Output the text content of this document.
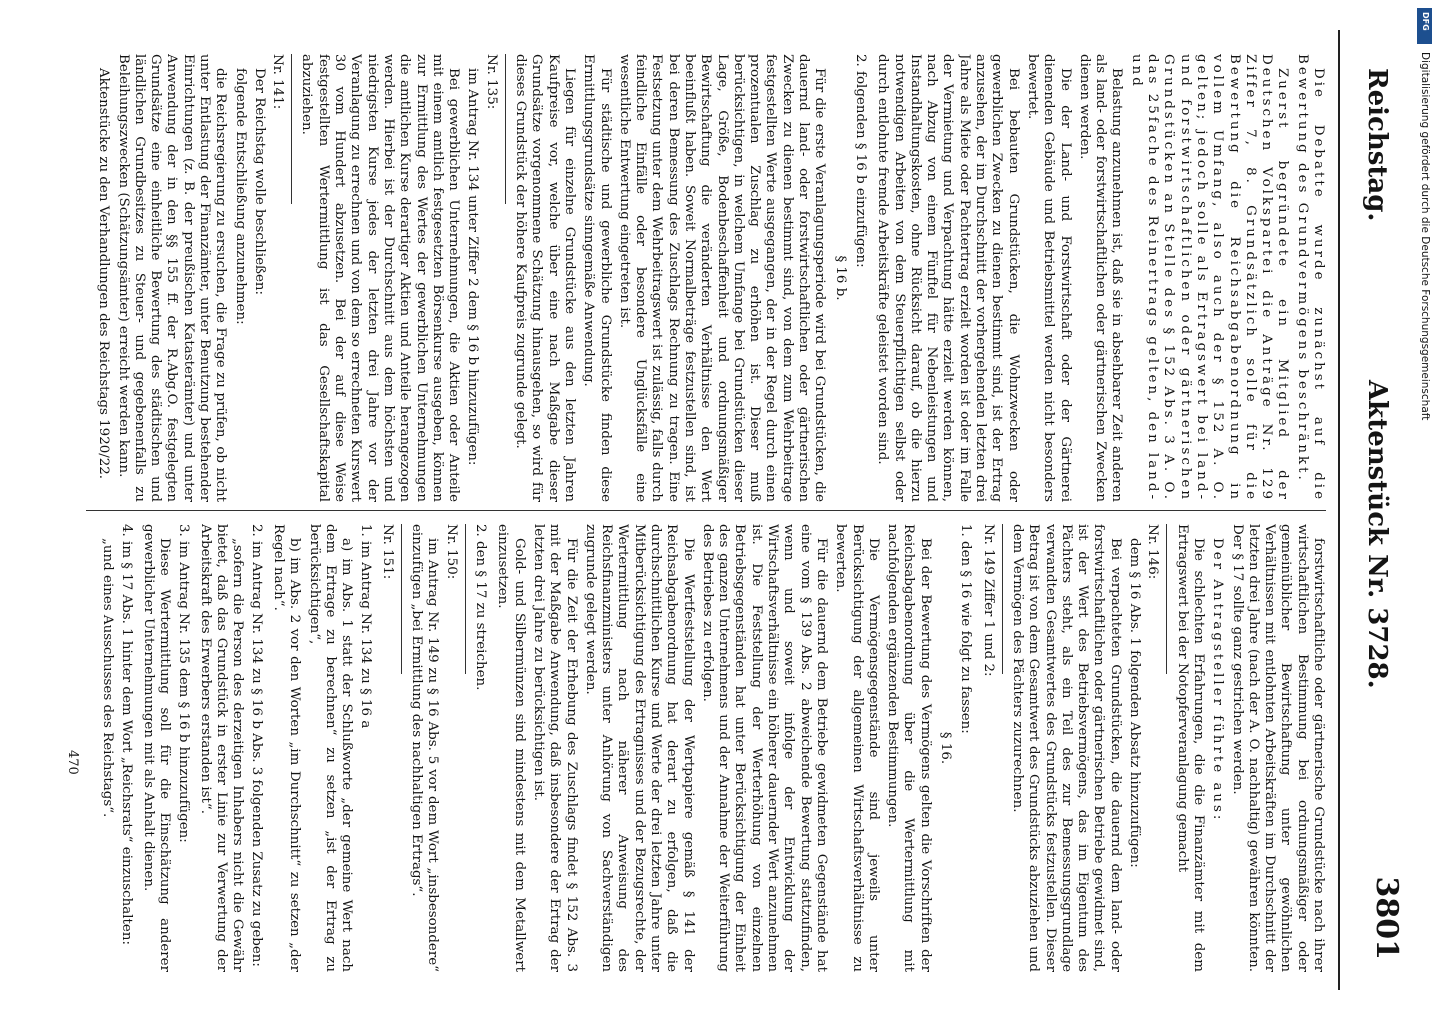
Reichstag.
Aktenstück Nr. 3728.
3801

Die Debatte wurde zunächst auf die Bewertung des Grundvermögens beschränkt.

Zuerst begründete ein Mitglied der Deutschen Volkspartei die Anträge Nr. 129 Ziffer 7, 8. Grundsätzlich solle für die Bewertung die Reichsabgabenordnung in vollem Umfang, also auch der § 152 A. O. gelten; jedoch solle als Ertragswert bei land- und forstwirtschaftlichen oder gärtnerischen Grundstücken an Stelle des § 152 Abs. 3 A. O. das 25fache des Reinertrags gelten, den land- und

Belastung anzunehmen ist, daß sie in absehbarer Zeit anderen als land- oder forstwirtschaftlichen oder gärtnerischen Zwecken dienen werden.

Die der Land- und Forstwirtschaft oder der Gärtnerei dienenden Gebäude und Betriebsmittel werden nicht besonders bewertet.

Bei bebauten Grundstücken, die Wohnzwecken oder gewerblichen Zwecken zu dienen bestimmt sind, ist der Ertrag anzusehen, der im Durchschnitt der vorhergehenden letzten drei Jahre als Miete oder Pachtertrag erzielt worden ist oder im Falle der Vermietung und Verpachtung hätte erzielt werden können, nach Abzug von einem Fünftel für Nebenleistungen und Instandhaltungskosten, ohne Rücksicht darauf, ob die hierzu notwendigen Arbeiten von dem Steuerpflichtigen selbst oder durch entlohnte fremde Arbeitskräfte geleistet worden sind.

2. folgenden § 16 b einzufügen:

§ 16 b.

Für die erste Veranlagungsperiode wird bei Grundstücken, die dauernd land- oder forstwirtschaftlichen oder gärtnerischen Zwecken zu dienen bestimmt sind, von dem zum Wehrbeitrage festgestellten Werte ausgegangen, der in der Regel durch einen prozentualen Zuschlag zu erhöhen ist. Dieser muß berücksichtigen, in welchem Umfange bei Grundstücken dieser Lage, Größe, Bodenbeschaffenheit und ordnungsmäßiger Bewirtschaftung die veränderten Verhältnisse den Wert beeinflußt haben. Soweit Normalbeträge festzustellen sind, ist bei deren Bemessung des Zuschlags Rechnung zu tragen. Eine Festsetzung unter dem Wehrbeitragswert ist zulässig, falls durch feindliche Einfälle oder besondere Unglücksfälle eine wesentliche Entwertung eingetreten ist.

Für städtische und gewerbliche Grundstücke finden diese Ermittlungsgrundsätze sinngemäße Anwendung.

Liegen für einzelne Grundstücke aus den letzten Jahren Kaufpreise vor, welche über eine nach Maßgabe dieser Grundsätze vorgenommene Schätzung hinausgehen, so wird für dieses Grundstück der höhere Kaufpreis zugrunde gelegt.

Nr. 135:

im Antrag Nr. 134 unter Ziffer 2 dem § 16 b hinzuzufügen:

Bei gewerblichen Unternehmungen, die Aktien oder Anteile mit einem amtlich festgesetzten Börsenkurse ausgeben, können zur Ermittlung des Wertes der gewerblichen Unternehmungen die amtlichen Kurse derartiger Aktien und Anteile herangezogen werden. Hierbei ist der Durchschnitt aus dem höchsten und niedrigsten Kurse jedes der letzten drei Jahre vor der Veranlagung zu errechnen und von dem so errechneten Kurswert 30 vom Hundert abzusetzen. Bei der auf diese Weise festgestellten Wertermittlung ist das Gesellschaftskapital abzuziehen.

Nr. 141:

Der Reichstag wolle beschließen:

folgende Entschließung anzunehmen:

die Reichsregierung zu ersuchen, die Frage zu prüfen, ob nicht unter Entlastung der Finanzämter, unter Benutzung bestehender Einrichtungen (z. B. der preußischen Katasterämter) und unter Anwendung der in den §§ 155 ff. der R.Abg.O. festgelegten Grundsätze eine einheitliche Bewertung des städtischen und ländlichen Grundbesitzes zu Steuer- und gegebenenfalls zu Beleihungszwecken (Schätzungsämter) erreicht werden kann.

Aktenstücke zu den Verhandlungen des Reichstags 1920/22.

forstwirtschaftliche oder gärtnerische Grundstücke nach ihrer wirtschaftlichen Bestimmung bei ordnungsmäßiger oder gemeinüblicher Bewirtschaftung unter gewöhnlichen Verhältnissen mit entlohnten Arbeitskräften im Durchschnitt der letzten drei Jahre (nach der A. O. nachhaltig) gewähren könnten. Der § 17 sollte ganz gestrichen werden.

Der Antragsteller führte aus:

Die schlechten Erfahrungen, die die Finanzämter mit dem Ertragswert bei der Notopferveranlagung gemacht

Nr. 146:

dem § 16 Abs. 1 folgenden Absatz hinzuzufügen:

Bei verpachteten Grundstücken, die dauernd dem land- oder forstwirtschaftlichen oder gärtnerischen Betriebe gewidmet sind, ist der Wert des Betriebsvermögens, das im Eigentum des Pächters steht, als ein Teil des zur Bemessungsgrundlage verwandten Gesamtwertes des Grundstücks festzustellen. Dieser Betrag ist von dem Gesamtwert des Grundstücks abzuziehen und dem Vermögen des Pächters zuzurechnen.

Nr. 149 Ziffer 1 und 2:

1. den § 16 wie folgt zu fassen:

§ 16.

Bei der Bewertung des Vermögens gelten die Vorschriften der Reichsabgabenordnung über die Wertermittlung mit nachfolgenden ergänzenden Bestimmungen.

Die Vermögensgegenstände sind jeweils unter Berücksichtigung der allgemeinen Wirtschaftsverhältnisse zu bewerten.

Für die dauernd dem Betriebe gewidmeten Gegenstände hat eine vom § 139 Abs. 2 abweichende Bewertung stattzufinden, wenn und soweit infolge der Entwicklung der Wirtschaftsverhältnisse ein höherer dauernder Wert anzunehmen ist. Die Feststellung der Werterhöhung von einzelnen Betriebsgegenständen hat unter Berücksichtigung der Einheit des ganzen Unternehmens und der Annahme der Weiterführung des Betriebes zu erfolgen.

Die Wertfeststellung der Wertpapiere gemäß § 141 der Reichsabgabenordnung hat derart zu erfolgen, daß die durchschnittlichen Kurse und Werte der drei letzten Jahre unter Mitberücksichtigung des Ertragnisses und der Bezugsrechte, der Wertermittlung nach näherer Anweisung des Reichsfinanzministers unter Anhörung von Sachverständigen zugrunde gelegt werden.

Für die Zeit der Erhebung des Zuschlags findet § 152 Abs. 3 mit der Maßgabe Anwendung, daß insbesondere der Ertrag der letzten drei Jahre zu berücksichtigen ist.

Gold- und Silbermünzen sind mindestens mit dem Metallwert einzusetzen.

2. den § 17 zu streichen.

Nr. 150:

im Antrag Nr. 149 zu § 16 Abs. 5 vor dem Wort „insbesondere“ einzufügen „bei Ermittlung des nachhaltigen Ertrags“.

Nr. 151:

1. im Antrag Nr. 134 zu § 16 a

a) im Abs. 1 statt der Schlußworte „der gemeine Wert nach dem Ertrage zu berechnen“ zu setzen „ist der Ertrag zu berücksichtigen“,

b) im Abs. 2 vor den Worten „im Durchschnitt“ zu setzen „der Regel nach“.

2. im Antrag Nr. 134 zu § 16 b Abs. 3 folgenden Zusatz zu geben:

„sofern die Person des derzeitigen Inhabers nicht die Gewähr bietet, daß das Grundstück in erster Linie zur Verwertung der Arbeitskraft des Erwerbers erstanden ist“.

3. im Antrag Nr. 135 dem § 16 b hinzuzufügen:

Diese Wertermittlung soll für die Einschätzung anderer gewerblicher Unternehmungen mit als Anhalt dienen.

4. im § 17 Abs. 1 hinter dem Wort „Reichsrats“ einzuschalten:

„und eines Ausschusses des Reichstags“.

470
DFG
Digitalisierung gefördert durch die Deutsche Forschungsgemeinschaft
